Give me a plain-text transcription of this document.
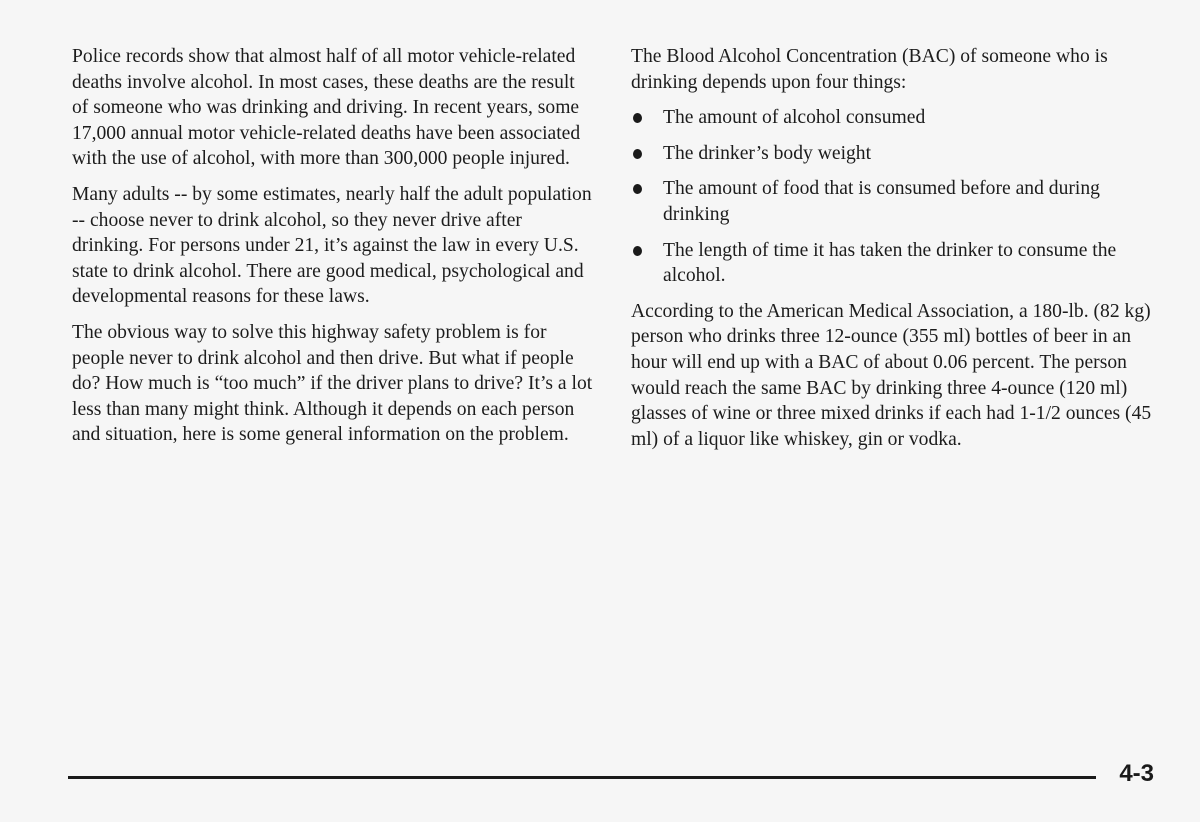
Police records show that almost half of all motor vehicle-related deaths involve alcohol. In most cases, these deaths are the result of someone who was drinking and driving. In recent years, some 17,000 annual motor vehicle-related deaths have been associated with the use of alcohol, with more than 300,000 people injured.

Many adults -- by some estimates, nearly half the adult population -- choose never to drink alcohol, so they never drive after drinking. For persons under 21, it’s against the law in every U.S. state to drink alcohol. There are good medical, psychological and developmental reasons for these laws.

The obvious way to solve this highway safety problem is for people never to drink alcohol and then drive. But what if people do? How much is “too much” if the driver plans to drive? It’s a lot less than many might think. Although it depends on each person and situation, here is some general information on the problem.

The Blood Alcohol Concentration (BAC) of someone who is drinking depends upon four things:

The amount of alcohol consumed
The drinker’s body weight
The amount of food that is consumed before and during drinking
The length of time it has taken the drinker to consume the alcohol.

According to the American Medical Association, a 180-lb. (82 kg) person who drinks three 12-ounce (355 ml) bottles of beer in an hour will end up with a BAC of about 0.06 percent. The person would reach the same BAC by drinking three 4-ounce (120 ml) glasses of wine or three mixed drinks if each had 1-1/2 ounces (45 ml) of a liquor like whiskey, gin or vodka.

4-3
